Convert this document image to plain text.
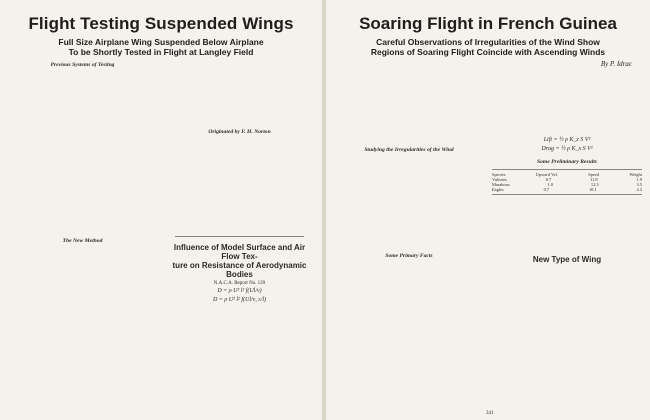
Flight Testing Suspended Wings
Full Size Airplane Wing Suspended Below Airplane
To be Shortly Tested in Flight at Langley Field
Previous Systems of Testing
The New Method
Originated by F. H. Norton
Influence of Model Surface and Air Flow Tex-
ture on Resistance of Aerodynamic Bodies
N.A.C.A. Report No. 139
D = ρ U² l² f(Ul/ν)
D = ρ U² l² f(Ul/ν, ε/l)
Soaring Flight in French Guinea
Careful Observations of Irregularities of the Wind Show
Regions of Soaring Flight Coincide with Ascending Winds
By P. Idrac
Studying the Irregularities of the Wind
Some Primary Facts
Lift = ½ ρ K_z S V²
Drag = ½ ρ K_x S V²
Some Preliminary Results
Species	Upward Vel.	Speed	Weight
Vultures	0.7	11.8	1.9
Marabous	1.0	12.3	3.5
Eagles	0.7	10.1	2.3
New Type of Wing
341
